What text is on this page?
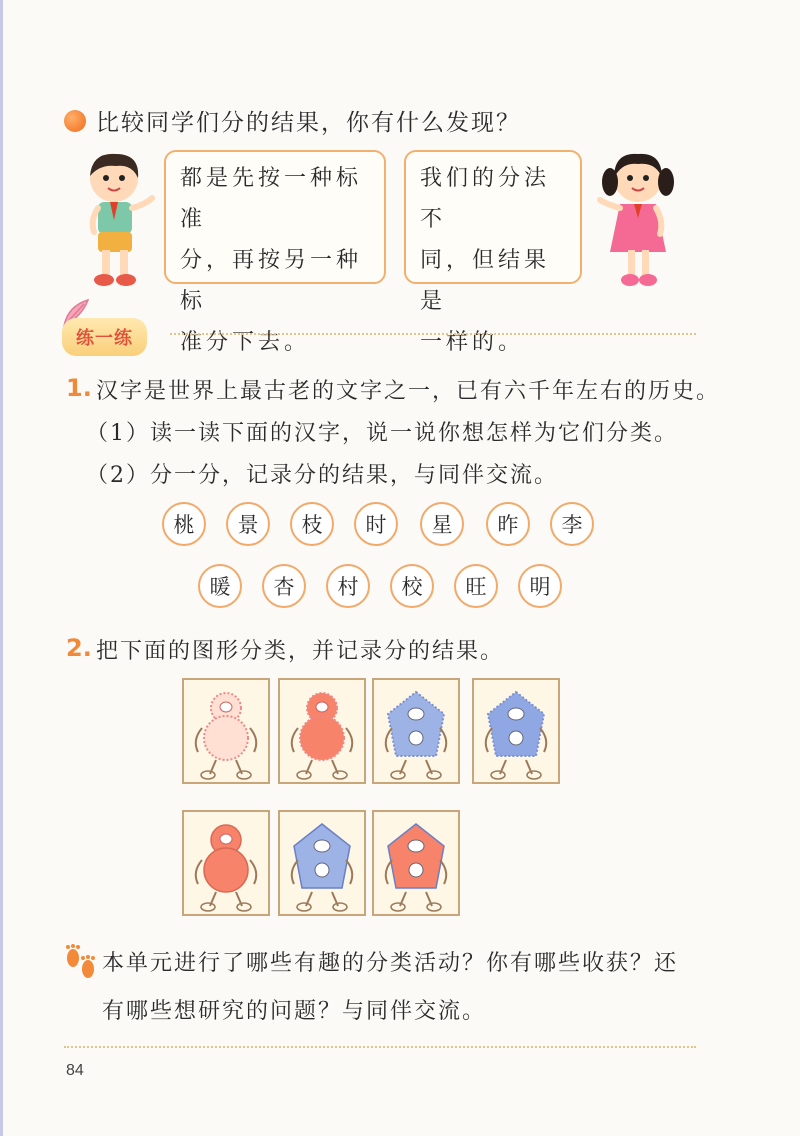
比较同学们分的结果，你有什么发现？
都是先按一种标准
分，再按另一种标
准分下去。
我们的分法不
同，但结果是
一样的。
练一练
1. 汉字是世界上最古老的文字之一，已有六千年左右的历史。
（1）读一读下面的汉字，说一说你想怎样为它们分类。
（2）分一分，记录分的结果，与同伴交流。
桃	景	枝	时	星	昨	李
暖	杏	村	校	旺	明
2. 把下面的图形分类，并记录分的结果。
本单元进行了哪些有趣的分类活动？你有哪些收获？还
有哪些想研究的问题？与同伴交流。
84
